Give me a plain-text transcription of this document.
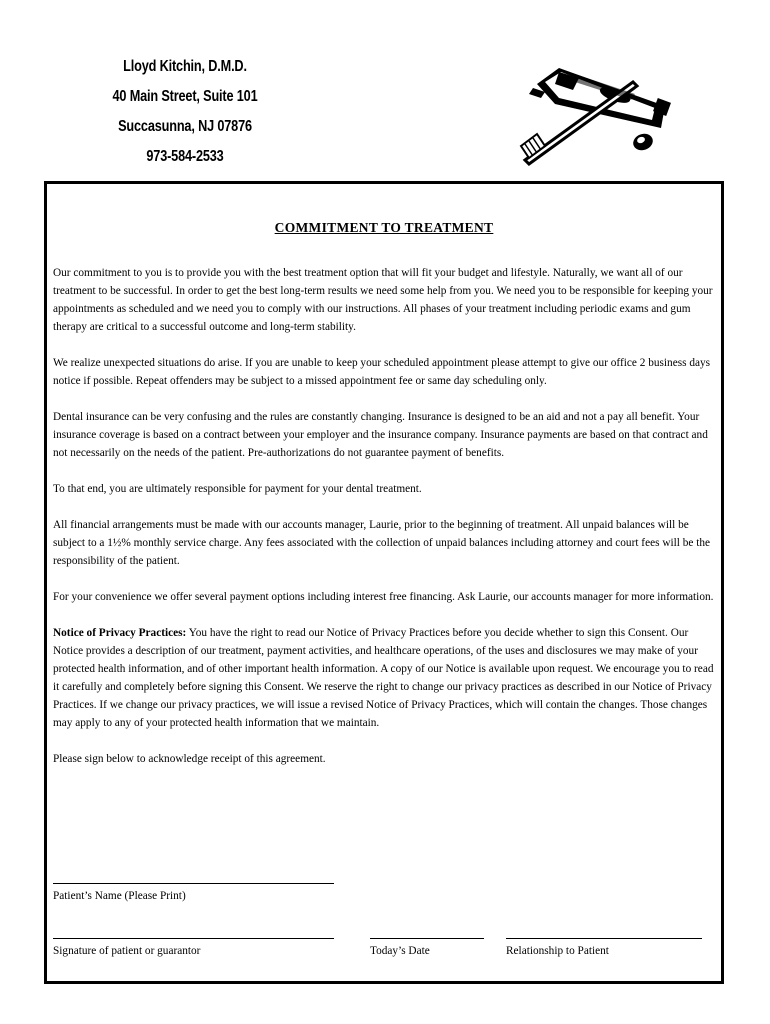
Lloyd Kitchin, D.M.D.
40 Main Street, Suite 101
Succasunna, NJ 07876
973-584-2533
COMMITMENT TO TREATMENT

Our commitment to you is to provide you with the best treatment option that will fit your budget and lifestyle. Naturally, we want all of our treatment to be successful. In order to get the best long-term results we need some help from you. We need you to be responsible for keeping your appointments as scheduled and we need you to comply with our instructions. All phases of your treatment including periodic exams and gum therapy are critical to a successful outcome and long-term stability.

We realize unexpected situations do arise. If you are unable to keep your scheduled appointment please attempt to give our office 2 business days notice if possible. Repeat offenders may be subject to a missed appointment fee or same day scheduling only.

Dental insurance can be very confusing and the rules are constantly changing. Insurance is designed to be an aid and not a pay all benefit. Your insurance coverage is based on a contract between your employer and the insurance company. Insurance payments are based on that contract and not necessarily on the needs of the patient. Pre-authorizations do not guarantee payment of benefits.

To that end, you are ultimately responsible for payment for your dental treatment.

All financial arrangements must be made with our accounts manager, Laurie, prior to the beginning of treatment. All unpaid balances will be subject to a 1½% monthly service charge. Any fees associated with the collection of unpaid balances including attorney and court fees will be the responsibility of the patient.

For your convenience we offer several payment options including interest free financing. Ask Laurie, our accounts manager for more information.

Notice of Privacy Practices: You have the right to read our Notice of Privacy Practices before you decide whether to sign this Consent. Our Notice provides a description of our treatment, payment activities, and healthcare operations, of the uses and disclosures we may make of your protected health information, and of other important health information. A copy of our Notice is available upon request. We encourage you to read it carefully and completely before signing this Consent. We reserve the right to change our privacy practices as described in our Notice of Privacy Practices. If we change our privacy practices, we will issue a revised Notice of Privacy Practices, which will contain the changes. Those changes may apply to any of your protected health information that we maintain.

Please sign below to acknowledge receipt of this agreement.

Patient’s Name (Please Print)
Signature of patient or guarantor	Today’s Date	Relationship to Patient
